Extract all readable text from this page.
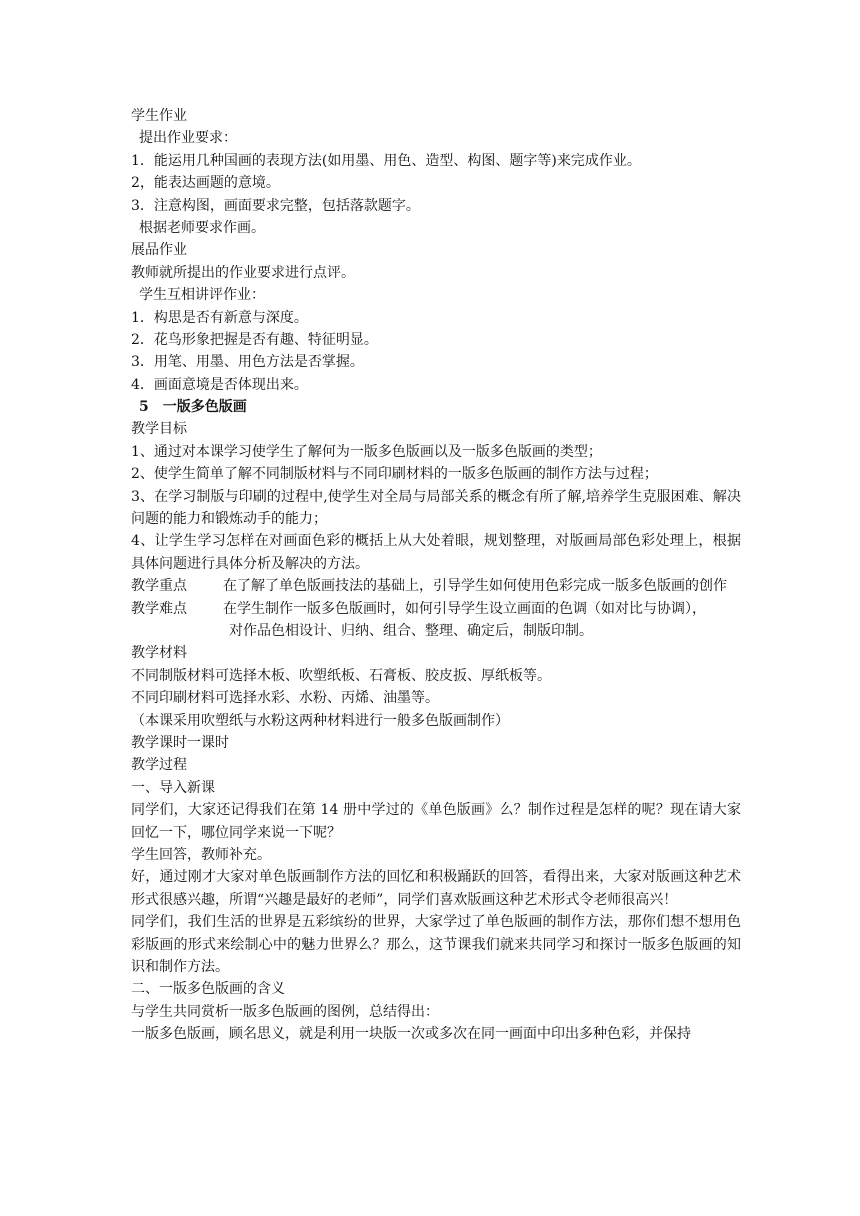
学生作业
提出作业要求：
1．能运用几种国画的表现方法(如用墨、用色、造型、构图、题字等)来完成作业。
2，能表达画题的意境。
3．注意构图，画面要求完整，包括落款题字。
根据老师要求作画。
展品作业
教师就所提出的作业要求进行点评。
学生互相讲评作业：
1．构思是否有新意与深度。
2．花鸟形象把握是否有趣、特征明显。
3．用笔、用墨、用色方法是否掌握。
4．画面意境是否体现出来。
5　一版多色版画
教学目标
1、通过对本课学习使学生了解何为一版多色版画以及一版多色版画的类型；
2、使学生简单了解不同制版材料与不同印刷材料的一版多色版画的制作方法与过程；
3、在学习制版与印刷的过程中,使学生对全局与局部关系的概念有所了解,培养学生克服困难、解决问题的能力和锻炼动手的能力；
4、让学生学习怎样在对画面色彩的概括上从大处着眼，规划整理，对版画局部色彩处理上，根据具体问题进行具体分析及解决的方法。
教学重点	在了解了单色版画技法的基础上，引导学生如何使用色彩完成一版多色版画的创作
教学难点	在学生制作一版多色版画时，如何引导学生设立画面的色调（如对比与协调），
对作品色相设计、归纳、组合、整理、确定后，制版印制。
教学材料
不同制版材料可选择木板、吹塑纸板、石膏板、胶皮扳、厚纸板等。
不同印刷材料可选择水彩、水粉、丙烯、油墨等。
（本课采用吹塑纸与水粉这两种材料进行一般多色版画制作）
教学课时一课时
教学过程
一、导入新课
同学们，大家还记得我们在第 14 册中学过的《单色版画》么？制作过程是怎样的呢？现在请大家回忆一下，哪位同学来说一下呢？
学生回答，教师补充。
好，通过刚才大家对单色版画制作方法的回忆和积极踊跃的回答，看得出来，大家对版画这种艺术形式很感兴趣，所谓“兴趣是最好的老师”，同学们喜欢版画这种艺术形式令老师很高兴！
同学们，我们生活的世界是五彩缤纷的世界，大家学过了单色版画的制作方法，那你们想不想用色彩版画的形式来绘制心中的魅力世界么？那么，这节课我们就来共同学习和探讨一版多色版画的知识和制作方法。
二、一版多色版画的含义
与学生共同赏析一版多色版画的图例，总结得出：
一版多色版画，顾名思义，就是利用一块版一次或多次在同一画面中印出多种色彩，并保持
